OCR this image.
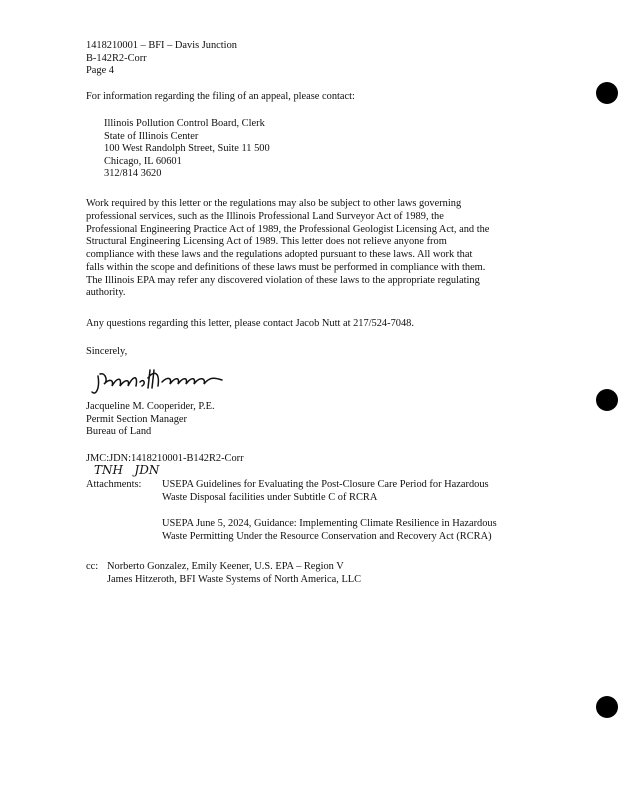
1418210001 – BFI – Davis Junction
B-142R2-Corr
Page 4
For information regarding the filing of an appeal, please contact:
Illinois Pollution Control Board, Clerk
State of Illinois Center
100 West Randolph Street, Suite 11 500
Chicago, IL 60601
312/814 3620
Work required by this letter or the regulations may also be subject to other laws governing
professional services, such as the Illinois Professional Land Surveyor Act of 1989, the
Professional Engineering Practice Act of 1989, the Professional Geologist Licensing Act, and the
Structural Engineering Licensing Act of 1989. This letter does not relieve anyone from
compliance with these laws and the regulations adopted pursuant to these laws. All work that
falls within the scope and definitions of these laws must be performed in compliance with them.
The Illinois EPA may refer any discovered violation of these laws to the appropriate regulating
authority.
Any questions regarding this letter, please contact Jacob Nutt at 217/524-7048.
Sincerely,
Jacqueline M. Cooperider, P.E.
Permit Section Manager
Bureau of Land
JMC:JDN:1418210001-B142R2-Corr
TNH   JDN
Attachments: USEPA Guidelines for Evaluating the Post-Closure Care Period for Hazardous
Waste Disposal facilities under Subtitle C of RCRA
USEPA June 5, 2024, Guidance: Implementing Climate Resilience in Hazardous
Waste Permitting Under the Resource Conservation and Recovery Act (RCRA)
cc: Norberto Gonzalez, Emily Keener, U.S. EPA – Region V
James Hitzeroth, BFI Waste Systems of North America, LLC
